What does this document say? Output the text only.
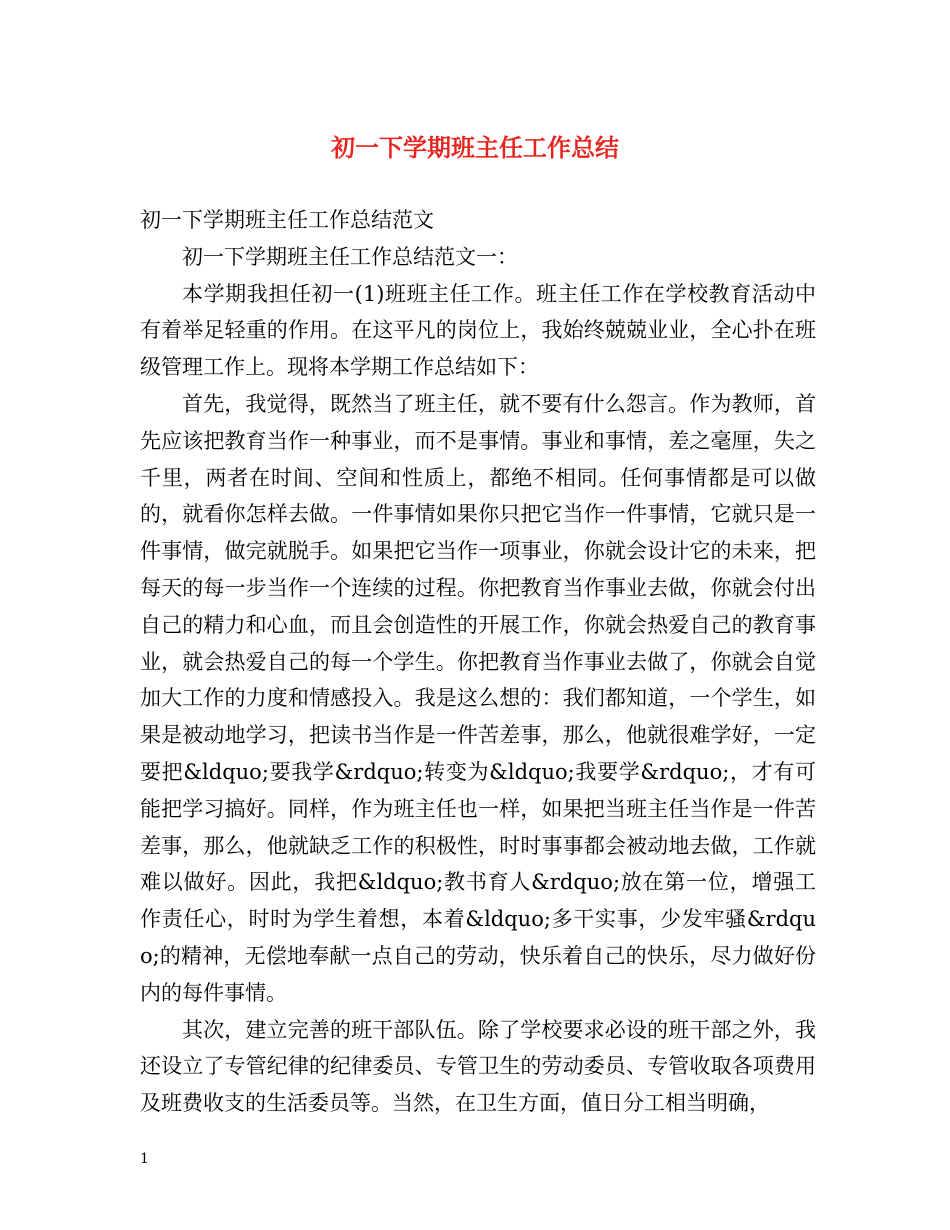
初一下学期班主任工作总结

初一下学期班主任工作总结范文

初一下学期班主任工作总结范文一：

本学期我担任初一(1)班班主任工作。班主任工作在学校教育活动中有着举足轻重的作用。在这平凡的岗位上，我始终兢兢业业，全心扑在班级管理工作上。现将本学期工作总结如下：

首先，我觉得，既然当了班主任，就不要有什么怨言。作为教师，首先应该把教育当作一种事业，而不是事情。事业和事情，差之毫厘，失之千里，两者在时间、空间和性质上，都绝不相同。任何事情都是可以做的，就看你怎样去做。一件事情如果你只把它当作一件事情，它就只是一件事情，做完就脱手。如果把它当作一项事业，你就会设计它的未来，把每天的每一步当作一个连续的过程。你把教育当作事业去做，你就会付出自己的精力和心血，而且会创造性的开展工作，你就会热爱自己的教育事业，就会热爱自己的每一个学生。你把教育当作事业去做了，你就会自觉加大工作的力度和情感投入。我是这么想的：我们都知道，一个学生，如果是被动地学习，把读书当作是一件苦差事，那么，他就很难学好，一定要把&ldquo;要我学&rdquo;转变为&ldquo;我要学&rdquo;，才有可能把学习搞好。同样，作为班主任也一样，如果把当班主任当作是一件苦差事，那么，他就缺乏工作的积极性，时时事事都会被动地去做，工作就难以做好。因此，我把&ldquo;教书育人&rdquo;放在第一位，增强工作责任心，时时为学生着想，本着&ldquo;多干实事，少发牢骚&rdquo;的精神，无偿地奉献一点自己的劳动，快乐着自己的快乐，尽力做好份内的每件事情。

其次，建立完善的班干部队伍。除了学校要求必设的班干部之外，我还设立了专管纪律的纪律委员、专管卫生的劳动委员、专管收取各项费用及班费收支的生活委员等。当然，在卫生方面，值日分工相当明确，

1
